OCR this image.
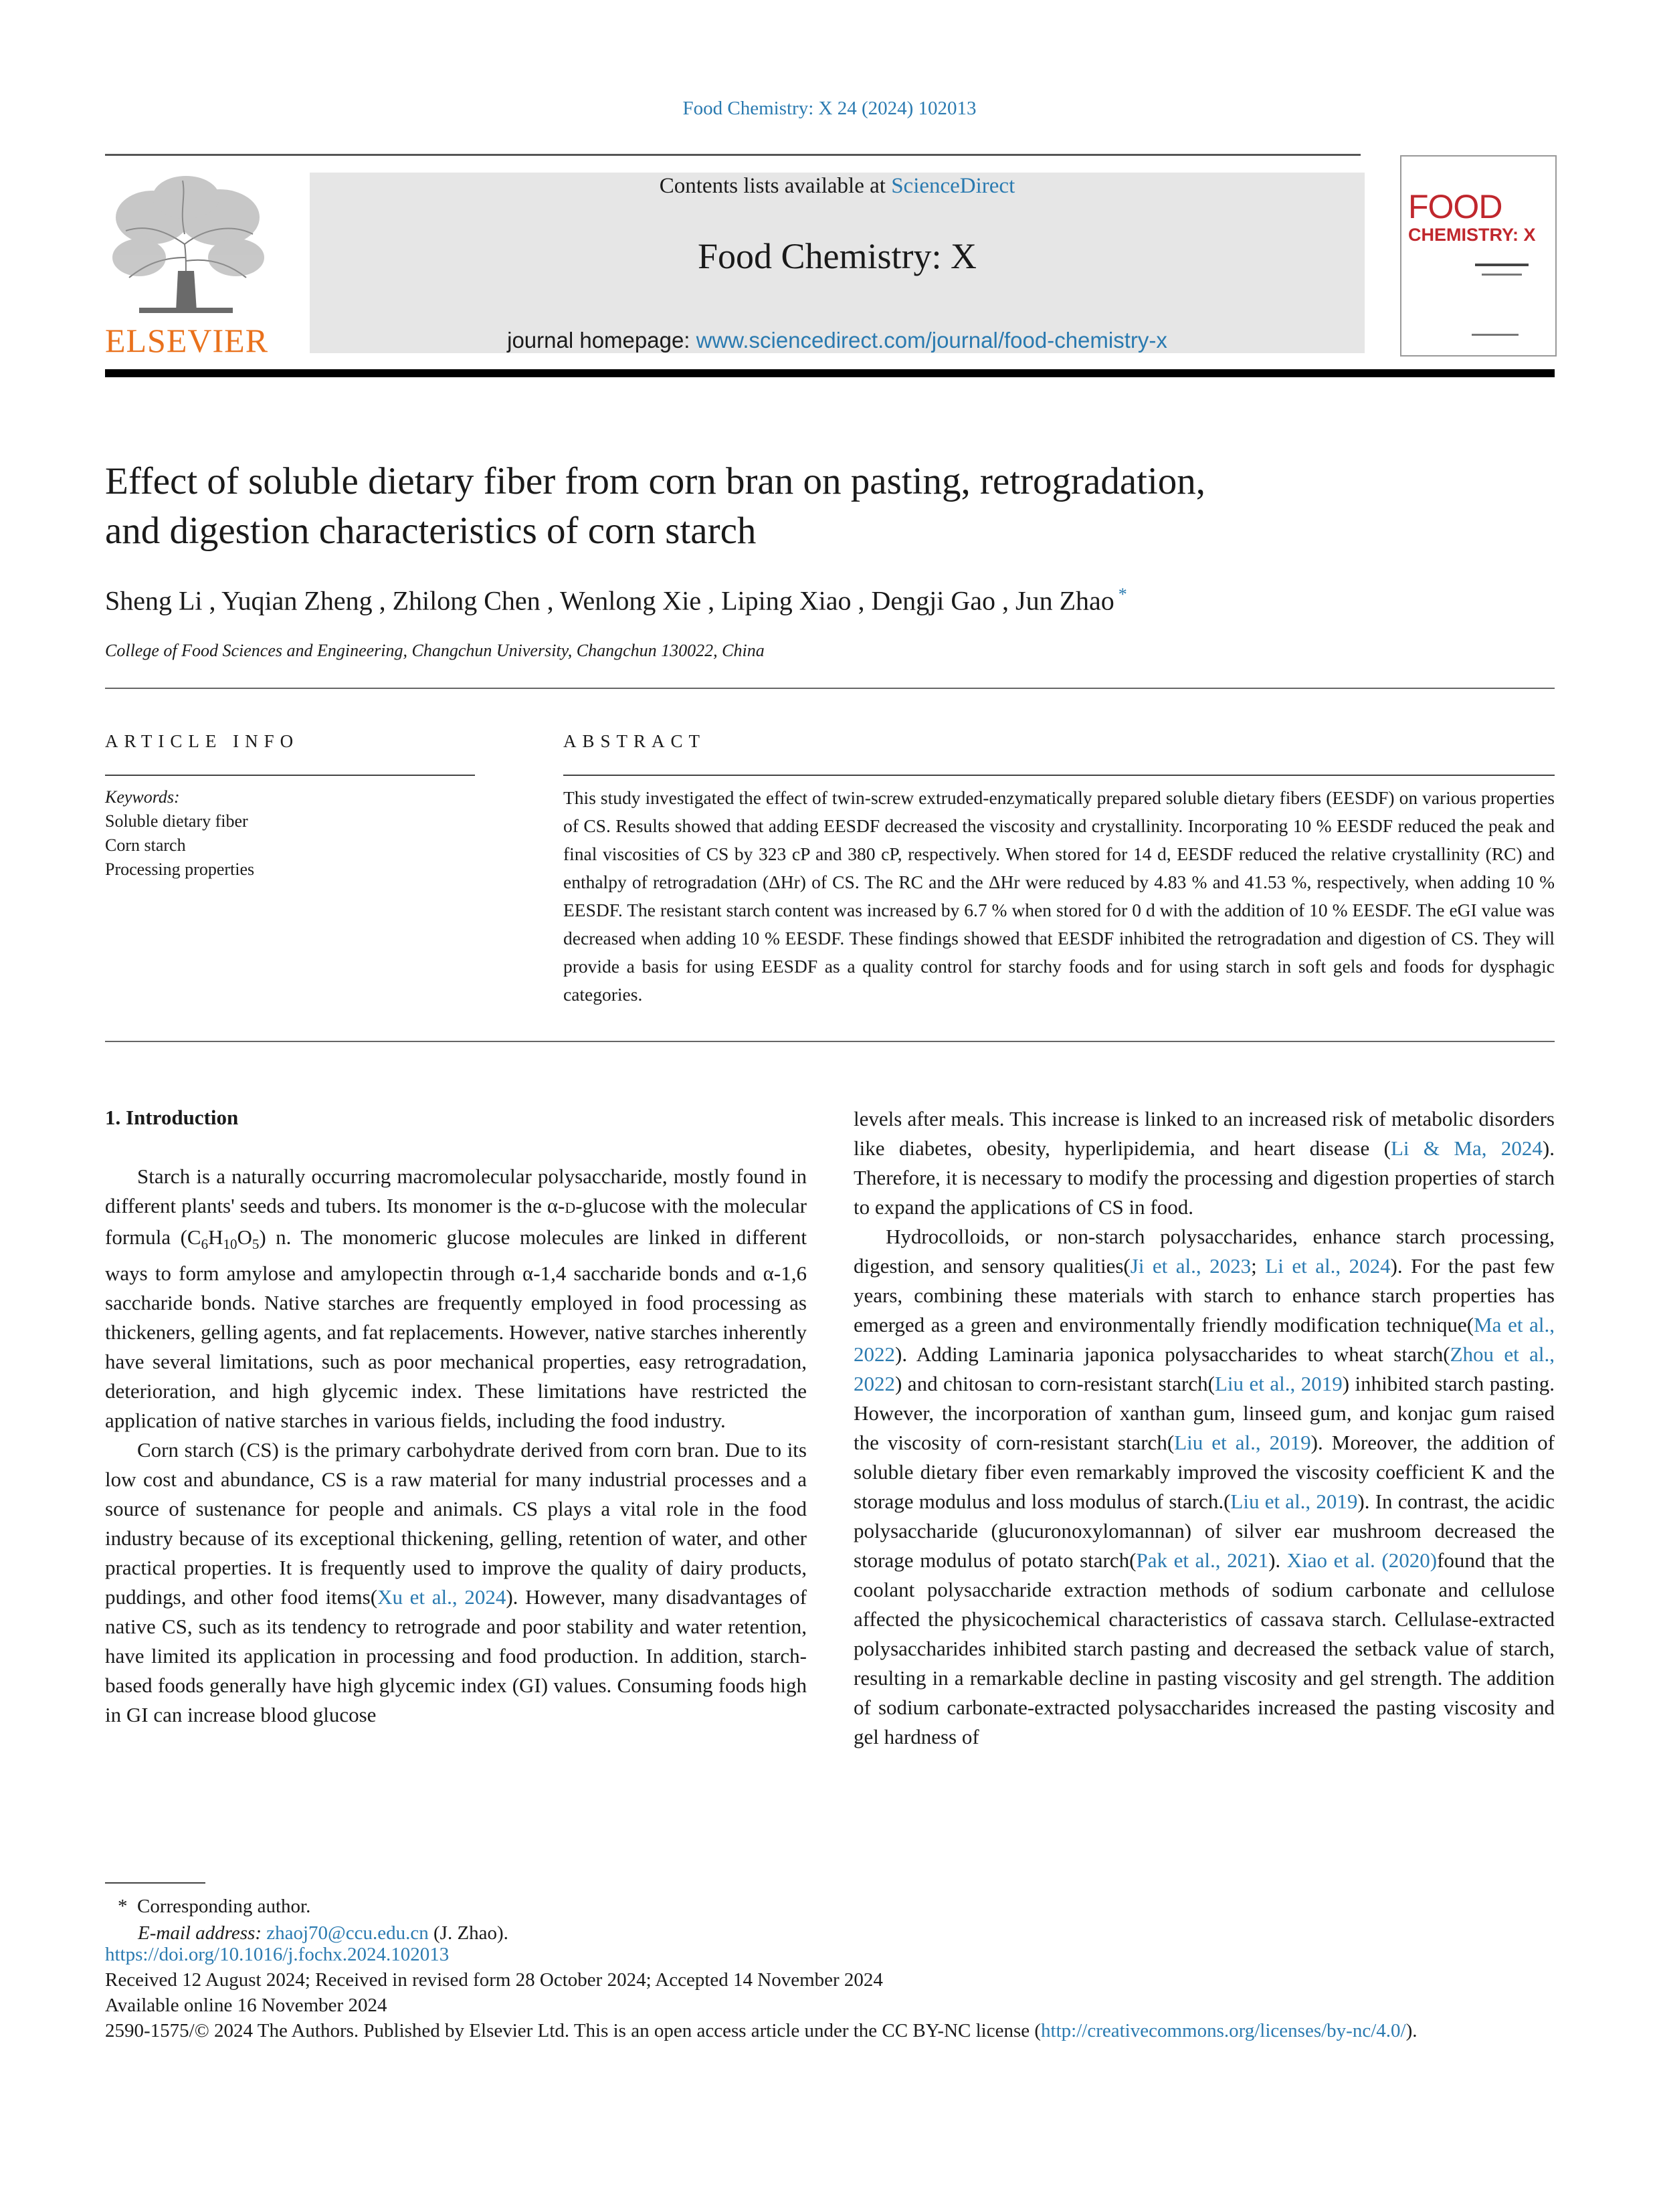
Food Chemistry: X 24 (2024) 102013
ELSEVIER
Contents lists available at ScienceDirect
Food Chemistry: X
journal homepage: www.sciencedirect.com/journal/food-chemistry-x
FOOD
CHEMISTRY: X
Effect of soluble dietary fiber from corn bran on pasting, retrogradation,
and digestion characteristics of corn starch
Sheng Li , Yuqian Zheng , Zhilong Chen , Wenlong Xie , Liping Xiao , Dengji Gao , Jun Zhao *
College of Food Sciences and Engineering, Changchun University, Changchun 130022, China
ARTICLE INFO
Keywords:
Soluble dietary fiber
Corn starch
Processing properties
ABSTRACT
This study investigated the effect of twin-screw extruded-enzymatically prepared soluble dietary fibers (EESDF) on various properties of CS. Results showed that adding EESDF decreased the viscosity and crystallinity. Incorporating 10 % EESDF reduced the peak and final viscosities of CS by 323 cP and 380 cP, respectively. When stored for 14 d, EESDF reduced the relative crystallinity (RC) and enthalpy of retrogradation (ΔHr) of CS. The RC and the ΔHr were reduced by 4.83 % and 41.53 %, respectively, when adding 10 % EESDF. The resistant starch content was increased by 6.7 % when stored for 0 d with the addition of 10 % EESDF. The eGI value was decreased when adding 10 % EESDF. These findings showed that EESDF inhibited the retrogradation and digestion of CS. They will provide a basis for using EESDF as a quality control for starchy foods and for using starch in soft gels and foods for dysphagic categories.
1. Introduction

Starch is a naturally occurring macromolecular polysaccharide, mostly found in different plants' seeds and tubers. Its monomer is the α-D-glucose with the molecular formula $(C_6H_{10}O_5)$ n. The monomeric glucose molecules are linked in different ways to form amylose and amylopectin through α-1,4 saccharide bonds and α-1,6 saccharide bonds. Native starches are frequently employed in food processing as thickeners, gelling agents, and fat replacements. However, native starches inherently have several limitations, such as poor mechanical properties, easy retrogradation, deterioration, and high glycemic index. These limitations have restricted the application of native starches in various fields, including the food industry.

Corn starch (CS) is the primary carbohydrate derived from corn bran. Due to its low cost and abundance, CS is a raw material for many industrial processes and a source of sustenance for people and animals. CS plays a vital role in the food industry because of its exceptional thickening, gelling, retention of water, and other practical properties. It is frequently used to improve the quality of dairy products, puddings, and other food items(Xu et al., 2024). However, many disadvantages of native CS, such as its tendency to retrograde and poor stability and water retention, have limited its application in processing and food production. In addition, starch-based foods generally have high glycemic index (GI) values. Consuming foods high in GI can increase blood glucose

levels after meals. This increase is linked to an increased risk of metabolic disorders like diabetes, obesity, hyperlipidemia, and heart disease (Li & Ma, 2024). Therefore, it is necessary to modify the processing and digestion properties of starch to expand the applications of CS in food.

Hydrocolloids, or non-starch polysaccharides, enhance starch processing, digestion, and sensory qualities(Ji et al., 2023; Li et al., 2024). For the past few years, combining these materials with starch to enhance starch properties has emerged as a green and environmentally friendly modification technique(Ma et al., 2022). Adding Laminaria japonica polysaccharides to wheat starch(Zhou et al., 2022) and chitosan to corn-resistant starch(Liu et al., 2019) inhibited starch pasting. However, the incorporation of xanthan gum, linseed gum, and konjac gum raised the viscosity of corn-resistant starch(Liu et al., 2019). Moreover, the addition of soluble dietary fiber even remarkably improved the viscosity coefficient K and the storage modulus and loss modulus of starch.(Liu et al., 2019). In contrast, the acidic polysaccharide (glucuronoxylomannan) of silver ear mushroom decreased the storage modulus of potato starch(Pak et al., 2021). Xiao et al. (2020)found that the coolant polysaccharide extraction methods of sodium carbonate and cellulose affected the physicochemical characteristics of cassava starch. Cellulase-extracted polysaccharides inhibited starch pasting and decreased the setback value of starch, resulting in a remarkable decline in pasting viscosity and gel strength. The addition of sodium carbonate-extracted polysaccharides increased the pasting viscosity and gel hardness of

* Corresponding author.
E-mail address: zhaoj70@ccu.edu.cn (J. Zhao).
https://doi.org/10.1016/j.fochx.2024.102013
Received 12 August 2024; Received in revised form 28 October 2024; Accepted 14 November 2024
Available online 16 November 2024
2590-1575/© 2024 The Authors. Published by Elsevier Ltd. This is an open access article under the CC BY-NC license (http://creativecommons.org/licenses/by-nc/4.0/).
